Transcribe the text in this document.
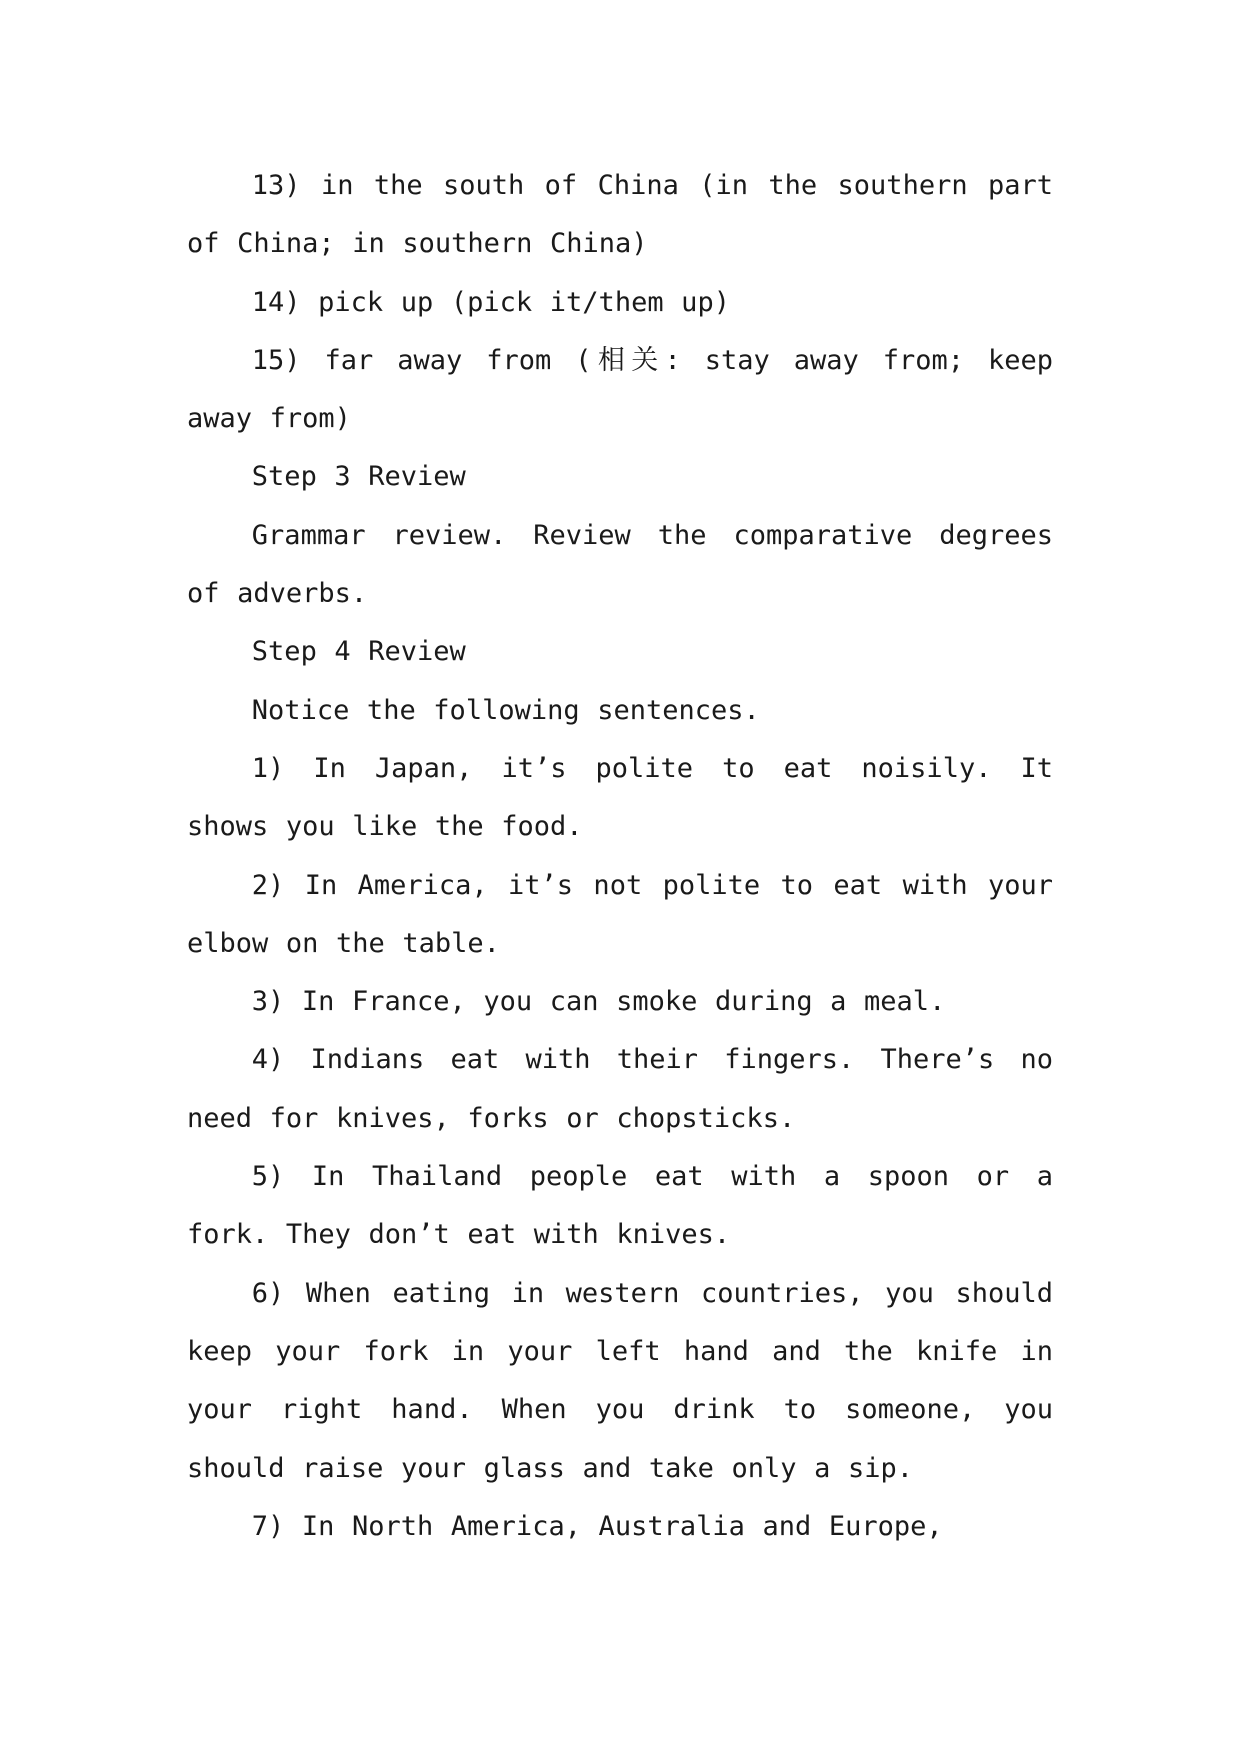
13) in the south of China (in the southern part of China; in southern China)

14) pick up (pick it/them up)

15) far away from (相关: stay away from; keep away from)

Step 3 Review

Grammar review. Review the comparative degrees of adverbs.

Step 4 Review

Notice the following sentences.

1) In Japan, it’s polite to eat noisily. It shows you like the food.

2) In America, it’s not polite to eat with your elbow on the table.

3) In France, you can smoke during a meal.

4) Indians eat with their fingers. There’s no need for knives, forks or chopsticks.

5) In Thailand people eat with a spoon or a fork. They don’t eat with knives.

6) When eating in western countries, you should keep your fork in your left hand and the knife in your right hand. When you drink to someone, you should raise your glass and take only a sip.

7) In North America, Australia and Europe,
